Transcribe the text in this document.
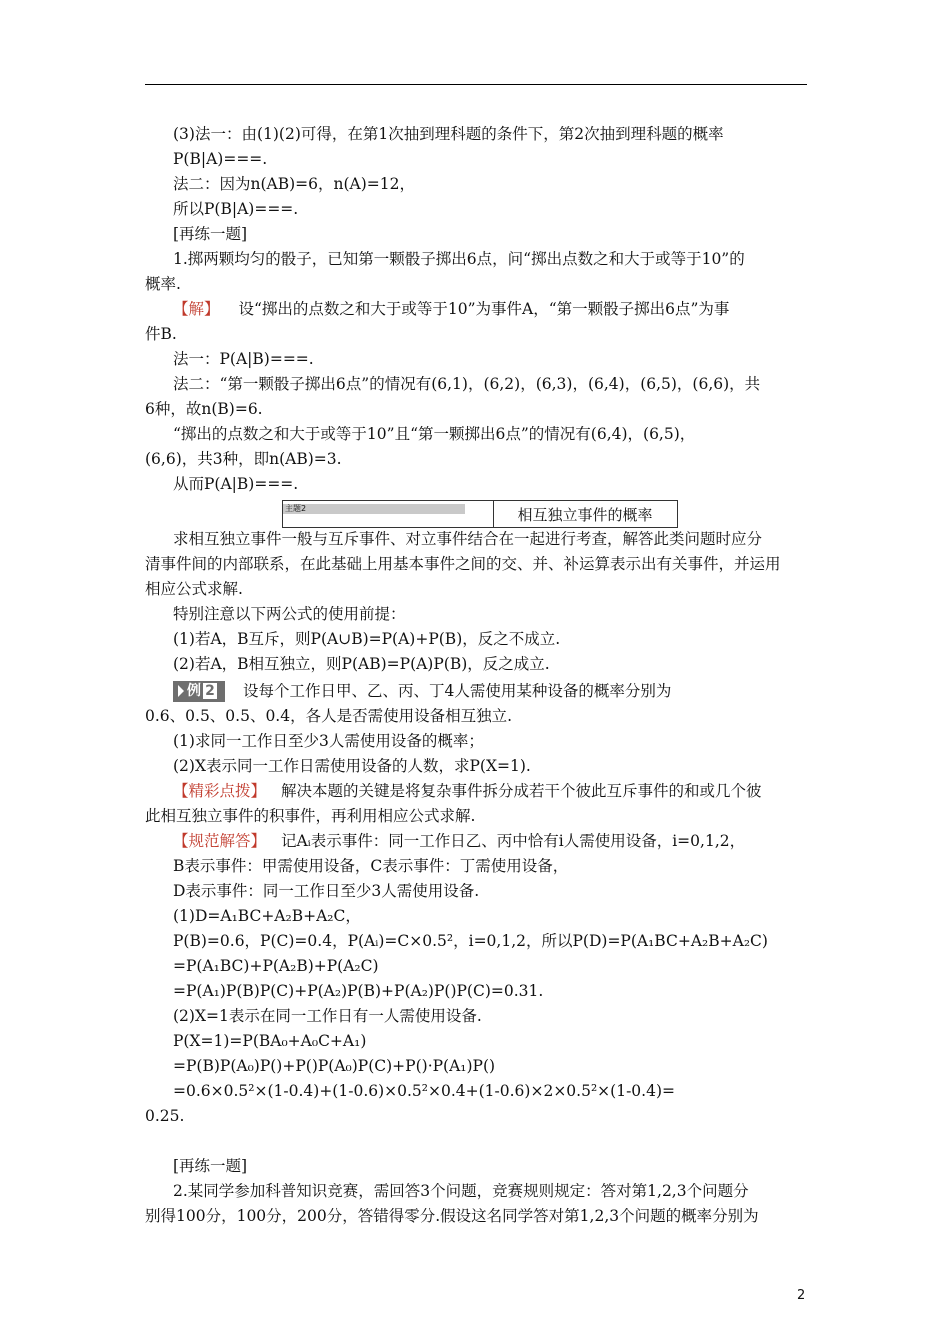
(3)法一：由(1)(2)可得，在第1次抽到理科题的条件下，第2次抽到理科题的概率
P(B|A)===.
法二：因为n(AB)=6，n(A)=12，
所以P(B|A)===.
[再练一题]
1.掷两颗均匀的骰子，已知第一颗骰子掷出6点，问“掷出点数之和大于或等于10”的
概率.
【解】 设“掷出的点数之和大于或等于10”为事件A，“第一颗骰子掷出6点”为事
件B.
法一：P(A|B)===.
法二：“第一颗骰子掷出6点”的情况有(6,1)，(6,2)，(6,3)，(6,4)，(6,5)，(6,6)，共
6种，故n(B)=6.
“掷出的点数之和大于或等于10”且“第一颗掷出6点”的情况有(6,4)，(6,5)，
(6,6)，共3种，即n(AB)=3.
从而P(A|B)===.
主题2	相互独立事件的概率
求相互独立事件一般与互斥事件、对立事件结合在一起进行考查，解答此类问题时应分
清事件间的内部联系，在此基础上用基本事件之间的交、并、补运算表示出有关事件，并运用
相应公式求解.
特别注意以下两公式的使用前提：
(1)若A，B互斥，则P(A∪B)=P(A)+P(B)，反之不成立.
(2)若A，B相互独立，则P(AB)=P(A)P(B)，反之成立.
例 2	设每个工作日甲、乙、丙、丁4人需使用某种设备的概率分别为
0.6、0.5、0.5、0.4，各人是否需使用设备相互独立.
(1)求同一工作日至少3人需使用设备的概率；
(2)X表示同一工作日需使用设备的人数，求P(X=1).
【精彩点拨】 解决本题的关键是将复杂事件拆分成若干个彼此互斥事件的和或几个彼
此相互独立事件的积事件，再利用相应公式求解.
【规范解答】 记Aᵢ表示事件：同一工作日乙、丙中恰有i人需使用设备，i=0,1,2，
B表示事件：甲需使用设备，C表示事件：丁需使用设备，
D表示事件：同一工作日至少3人需使用设备.
(1)D=A₁BC+A₂B+A₂C，
P(B)=0.6，P(C)=0.4，P(Aᵢ)=C×0.5²，i=0,1,2，所以P(D)=P(A₁BC+A₂B+A₂C)
=P(A₁BC)+P(A₂B)+P(A₂C)
=P(A₁)P(B)P(C)+P(A₂)P(B)+P(A₂)P()P(C)=0.31.
(2)X=1表示在同一工作日有一人需使用设备.
P(X=1)=P(BA₀+A₀C+A₁)
=P(B)P(A₀)P()+P()P(A₀)P(C)+P()·P(A₁)P()
=0.6×0.5²×(1-0.4)+(1-0.6)×0.5²×0.4+(1-0.6)×2×0.5²×(1-0.4)=
0.25.
[再练一题]
2.某同学参加科普知识竞赛，需回答3个问题，竞赛规则规定：答对第1,2,3个问题分
别得100分，100分，200分，答错得零分.假设这名同学答对第1,2,3个问题的概率分别为
2
